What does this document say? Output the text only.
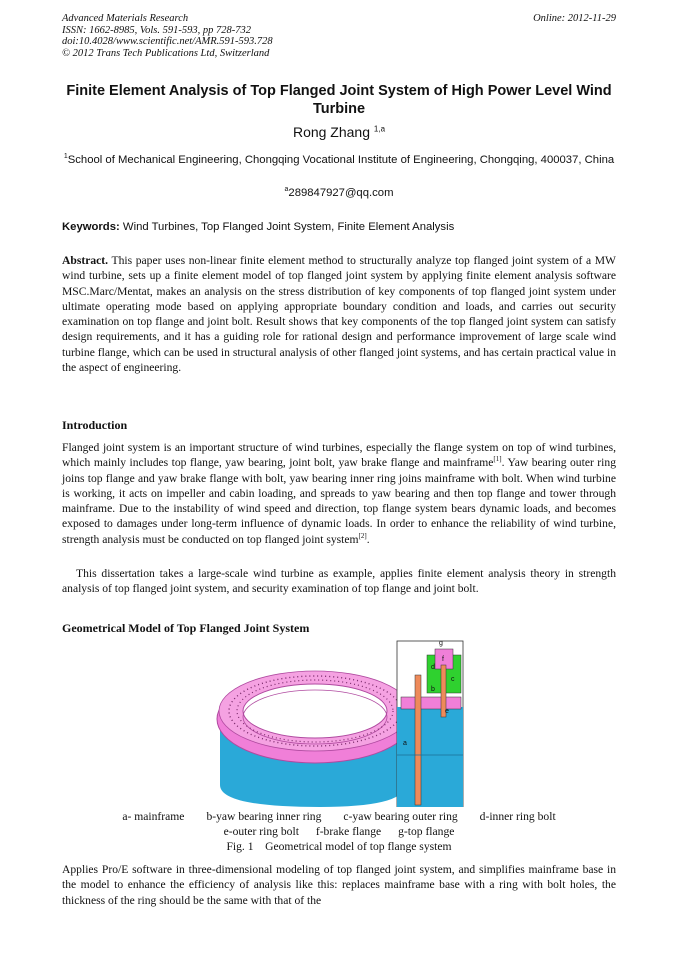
Advanced Materials Research
ISSN: 1662-8985, Vols. 591-593, pp 728-732
doi:10.4028/www.scientific.net/AMR.591-593.728
© 2012 Trans Tech Publications Ltd, Switzerland
Online: 2012-11-29
Finite Element Analysis of Top Flanged Joint System of High Power Level Wind Turbine
Rong Zhang $^{1,a}$
$^1$School of Mechanical Engineering, Chongqing Vocational Institute of Engineering, Chongqing, 400037, China
$^a$289847927@qq.com
Keywords: Wind Turbines, Top Flanged Joint System, Finite Element Analysis
Abstract. This paper uses non-linear finite element method to structurally analyze top flanged joint system of a MW wind turbine, sets up a finite element model of top flanged joint system by applying finite element analysis software MSC.Marc/Mentat, makes an analysis on the stress distribution of key components of top flanged joint system under ultimate operating mode based on applying appropriate boundary condition and loads, and carries out security examination on top flange and joint bolt. Result shows that key components of the top flanged joint system can satisfy design requirements, and it has a guiding role for rational design and performance improvement of large scale wind turbine flange, which can be used in structural analysis of other flanged joint systems, and has certain practical value in the aspect of engineering.
Introduction
Flanged joint system is an important structure of wind turbines, especially the flange system on top of wind turbines, which mainly includes top flange, yaw bearing, joint bolt, yaw brake flange and mainframe[1]. Yaw bearing outer ring joins top flange and yaw brake flange with bolt, yaw bearing inner ring joins mainframe with bolt. When wind turbine is working, it acts on impeller and cabin loading, and spreads to yaw bearing and then top flange and tower through mainframe. Due to the instability of wind speed and direction, top flange system bears dynamic loads, and becomes exposed to damages under long-term influence of dynamic loads. In order to enhance the reliability of wind turbine, strength analysis must be conducted on top flanged joint system[2].
This dissertation takes a large-scale wind turbine as example, applies finite element analysis theory in strength analysis of top flanged joint system, and security examination of top flange and joint bolt.
Geometrical Model of Top Flanged Joint System
g
f
d
c
b
e
a
a- mainframe b-yaw bearing inner ring c-yaw bearing outer ring d-inner ring bolt
e-outer ring bolt f-brake flange g-top flange
Fig. 1    Geometrical model of top flange system
Applies Pro/E software in three-dimensional modeling of top flanged joint system, and simplifies mainframe base in the model to enhance the efficiency of analysis like this: replaces mainframe base with a ring with bolt holes, the thickness of the ring should be the same with that of the
